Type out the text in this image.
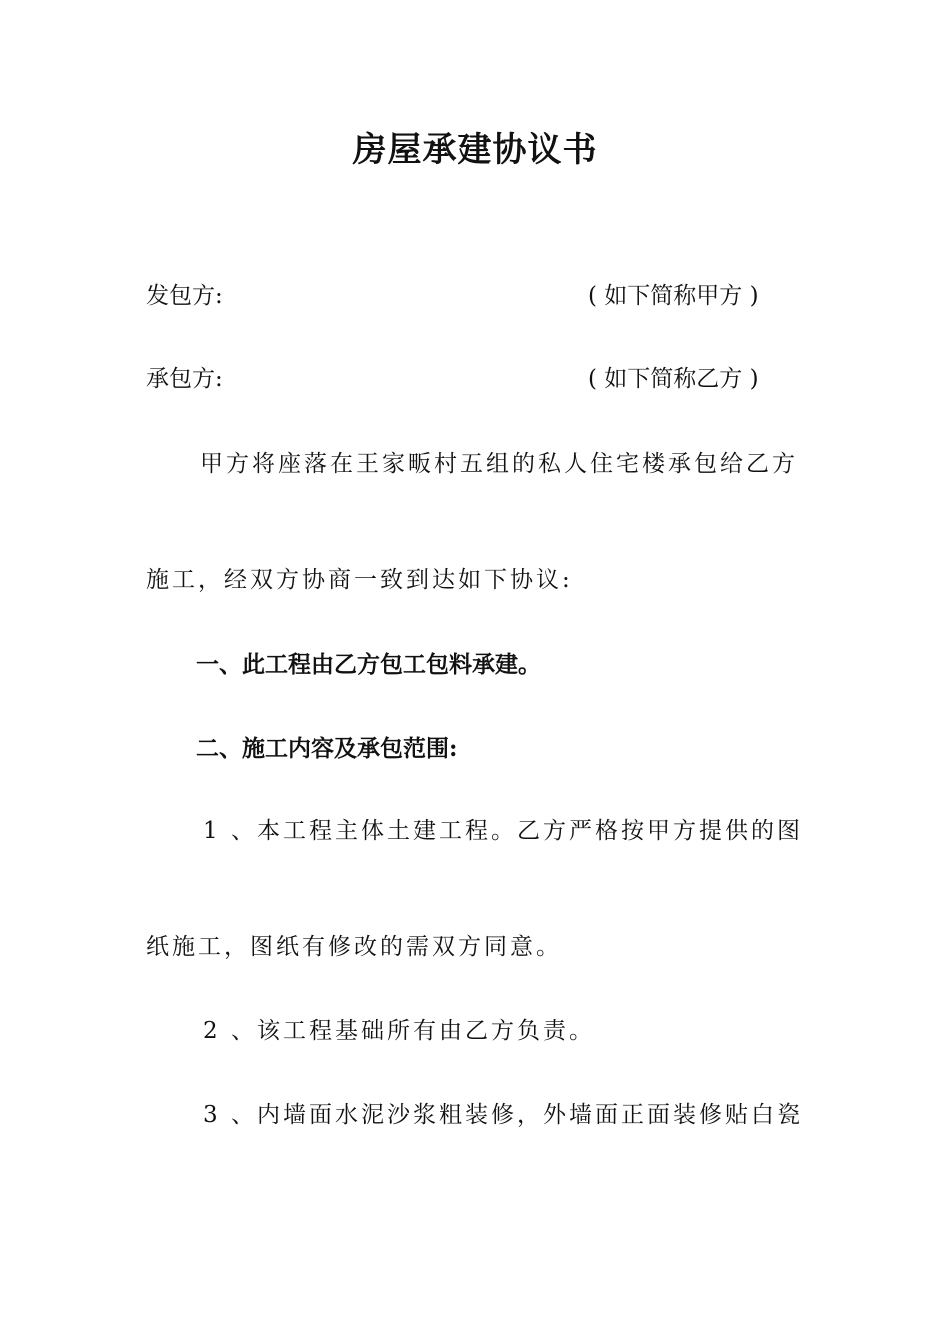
房屋承建协议书
发包方:	( 如下简称甲方 )
承包方:	( 如下简称乙方 )
甲方将座落在王家畈村五组的私人住宅楼承包给乙方
施工，经双方协商一致到达如下协议:
一、此工程由乙方包工包料承建。
二、施工内容及承包范围:
1 、本工程主体土建工程。乙方严格按甲方提供的图
纸施工，图纸有修改的需双方同意。
2 、该工程基础所有由乙方负责。
3 、内墙面水泥沙浆粗装修，外墙面正面装修贴白瓷
